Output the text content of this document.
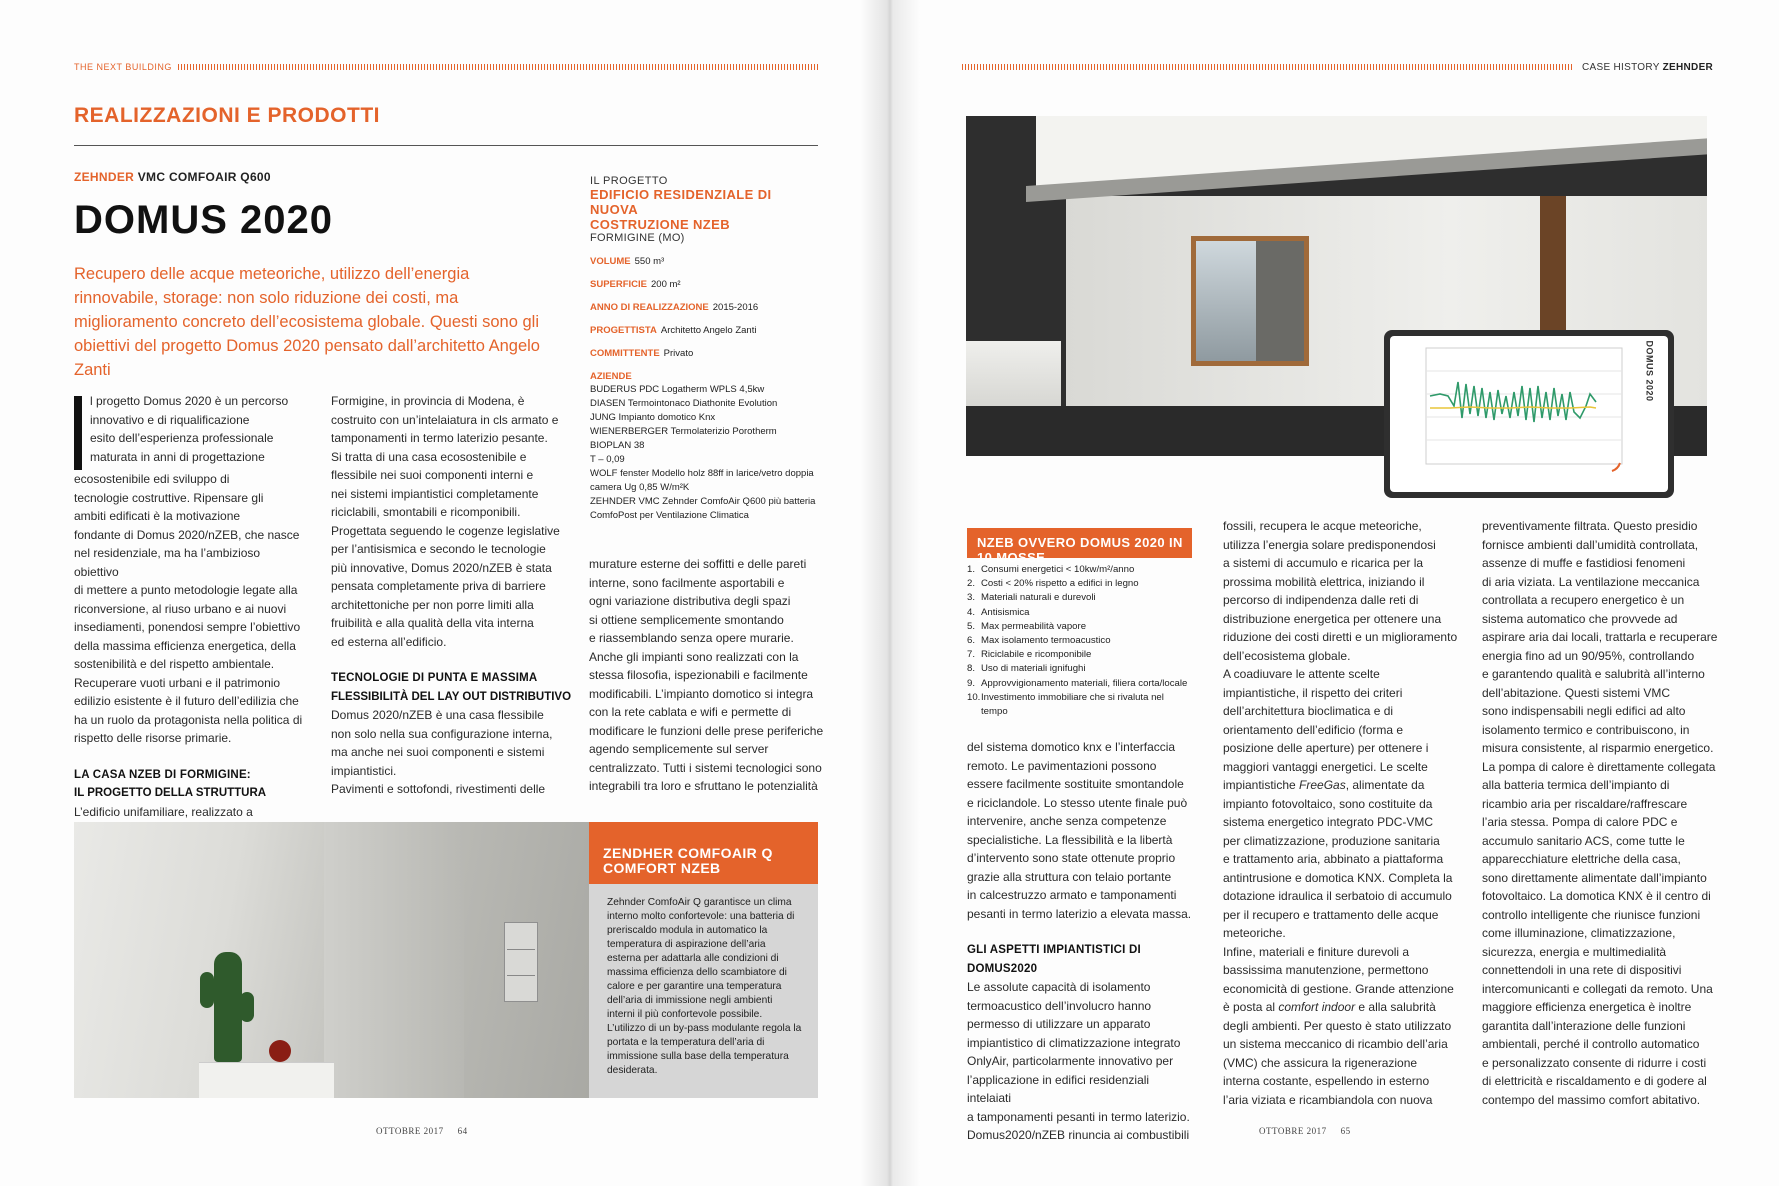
THE NEXT BUILDING
REALIZZAZIONI E PRODOTTI
ZEHNDER VMC COMFOAIR Q600
DOMUS 2020
Recupero delle acque meteoriche, utilizzo dell’energia rinnovabile, storage: non solo riduzione dei costi, ma miglioramento concreto dell’ecosistema globale. Questi sono gli obiettivi del progetto Domus 2020 pensato dall’architetto Angelo Zanti
IL PROGETTO
EDIFICIO RESIDENZIALE DI NUOVA
COSTRUZIONE NZEB
FORMIGINE (MO)
VOLUME 550 m³
SUPERFICIE 200 m²
ANNO DI REALIZZAZIONE 2015-2016
PROGETTISTA Architetto Angelo Zanti
COMMITTENTE Privato
AZIENDE
BUDERUS PDC Logatherm WPLS 4,5kw
DIASEN Termointonaco Diathonite Evolution
JUNG Impianto domotico Knx
WIENERBERGER Termolaterizio Porotherm BIOPLAN 38
T – 0,09
WOLF fenster Modello holz 88ff in larice/vetro doppia
camera Ug 0,85 W/m²K
ZEHNDER VMC Zehnder ComfoAir Q600 più batteria
ComfoPost per Ventilazione Climatica

l progetto Domus 2020 è un percorso

innovativo e di riqualificazione

esito dell’esperienza professionale

maturata in anni di progettazione

ecosostenibile edi sviluppo di

tecnologie costruttive. Ripensare gli

ambiti edificati è la motivazione

fondante di Domus 2020/nZEB, che nasce

nel residenziale, ma ha l’ambizioso obiettivo

di mettere a punto metodologie legate alla

riconversione, al riuso urbano e ai nuovi

insediamenti, ponendosi sempre l’obiettivo

della massima efficienza energetica, della

sostenibilità e del rispetto ambientale.

Recuperare vuoti urbani e il patrimonio

edilizio esistente è il futuro dell’edilizia che

ha un ruolo da protagonista nella politica di

rispetto delle risorse primarie.

LA CASA NZEB DI FORMIGINE:

IL PROGETTO DELLA STRUTTURA

L’edificio unifamiliare, realizzato a

Formigine, in provincia di Modena, è

costruito con un’intelaiatura in cls armato e

tamponamenti in termo laterizio pesante.

Si tratta di una casa ecosostenibile e

flessibile nei suoi componenti interni e

nei sistemi impiantistici completamente

riciclabili, smontabili e ricomponibili.

Progettata seguendo le cogenze legislative

per l’antisismica e secondo le tecnologie

più innovative, Domus 2020/nZEB è stata

pensata completamente priva di barriere

architettoniche per non porre limiti alla

fruibilità e alla qualità della vita interna

ed esterna all’edificio.

TECNOLOGIE DI PUNTA E MASSIMA

FLESSIBILITÀ DEL LAY OUT DISTRIBUTIVO

Domus 2020/nZEB è una casa flessibile

non solo nella sua configurazione interna,

ma anche nei suoi componenti e sistemi

impiantistici.

Pavimenti e sottofondi, rivestimenti delle

murature esterne dei soffitti e delle pareti

interne, sono facilmente asportabili e

ogni variazione distributiva degli spazi

si ottiene semplicemente smontando

e riassemblando senza opere murarie.

Anche gli impianti sono realizzati con la

stessa filosofia, ispezionabili e facilmente

modificabili. L’impianto domotico si integra

con la rete cablata e wifi e permette di

modificare le funzioni delle prese periferiche

agendo semplicemente sul server

centralizzato. Tutti i sistemi tecnologici sono

integrabili tra loro e sfruttano le potenzialità

ZENDHER COMFOAIR Q
COMFORT NZEB
Zehnder ComfoAir Q garantisce un clima interno molto confortevole: una batteria di preriscaldo modula in automatico la temperatura di aspirazione dell’aria esterna per adattarla alle condizioni di massima efficienza dello scambiatore di calore e per garantire una temperatura dell’aria di immissione negli ambienti interni il più confortevole possibile. L’utilizzo di un by-pass modulante regola la portata e la temperatura dell’aria di immissione sulla base della temperatura desiderata.
OTTOBRE 2017 64
CASE HISTORY ZEHNDER
DOMUS 2020
NZEB OVVERO DOMUS 2020 IN 10 MOSSE
1. Consumi energetici < 10kw/m²/anno
2. Costi < 20% rispetto a edifici in legno
3. Materiali naturali e durevoli
4. Antisismica
5. Max permeabilità vapore
6. Max isolamento termoacustico
7. Riciclabile e ricomponibile
8. Uso di materiali ignifughi
9. Approvvigionamento materiali, filiera corta/locale
10. Investimento immobiliare che si rivaluta nel tempo

del sistema domotico knx e l’interfaccia

remoto. Le pavimentazioni possono

essere facilmente sostituite smontandole

e riciclandole. Lo stesso utente finale può

intervenire, anche senza competenze

specialistiche. La flessibilità e la libertà

d’intervento sono state ottenute proprio

grazie alla struttura con telaio portante

in calcestruzzo armato e tamponamenti

pesanti in termo laterizio a elevata massa.

GLI ASPETTI IMPIANTISTICI DI DOMUS2020

Le assolute capacità di isolamento

termoacustico dell’involucro hanno

permesso di utilizzare un apparato

impiantistico di climatizzazione integrato

OnlyAir, particolarmente innovativo per

l’applicazione in edifici residenziali intelaiati

a tamponamenti pesanti in termo laterizio.

Domus2020/nZEB rinuncia ai combustibili

fossili, recupera le acque meteoriche,

utilizza l’energia solare predisponendosi

a sistemi di accumulo e ricarica per la

prossima mobilità elettrica, iniziando il

percorso di indipendenza dalle reti di

distribuzione energetica per ottenere una

riduzione dei costi diretti e un miglioramento

dell’ecosistema globale.

A coadiuvare le attente scelte

impiantistiche, il rispetto dei criteri

dell’architettura bioclimatica e di

orientamento dell’edificio (forma e

posizione delle aperture) per ottenere i

maggiori vantaggi energetici. Le scelte

impiantistiche FreeGas, alimentate da

impianto fotovoltaico, sono costituite da

sistema energetico integrato PDC-VMC

per climatizzazione, produzione sanitaria

e trattamento aria, abbinato a piattaforma

antintrusione e domotica KNX. Completa la

dotazione idraulica il serbatoio di accumulo

per il recupero e trattamento delle acque

meteoriche.

Infine, materiali e finiture durevoli a

bassissima manutenzione, permettono

economicità di gestione. Grande attenzione

è posta al comfort indoor e alla salubrità

degli ambienti. Per questo è stato utilizzato

un sistema meccanico di ricambio dell’aria

(VMC) che assicura la rigenerazione

interna costante, espellendo in esterno

l’aria viziata e ricambiandola con nuova

preventivamente filtrata. Questo presidio

fornisce ambienti dall’umidità controllata,

assenze di muffe e fastidiosi fenomeni

di aria viziata. La ventilazione meccanica

controllata a recupero energetico è un

sistema automatico che provvede ad

aspirare aria dai locali, trattarla e recuperare

energia fino ad un 90/95%, controllando

e garantendo qualità e salubrità all’interno

dell’abitazione. Questi sistemi VMC

sono indispensabili negli edifici ad alto

isolamento termico e contribuiscono, in

misura consistente, al risparmio energetico.

La pompa di calore è direttamente collegata

alla batteria termica dell’impianto di

ricambio aria per riscaldare/raffrescare

l’aria stessa. Pompa di calore PDC e

accumulo sanitario ACS, come tutte le

apparecchiature elettriche della casa,

sono direttamente alimentate dall’impianto

fotovoltaico. La domotica KNX è il centro di

controllo intelligente che riunisce funzioni

come illuminazione, climatizzazione,

sicurezza, energia e multimedialità

connettendoli in una rete di dispositivi

intercomunicanti e collegati da remoto. Una

maggiore efficienza energetica è inoltre

garantita dall’interazione delle funzioni

ambientali, perché il controllo automatico

e personalizzato consente di ridurre i costi

di elettricità e riscaldamento e di godere al

contempo del massimo comfort abitativo.

OTTOBRE 2017 65
